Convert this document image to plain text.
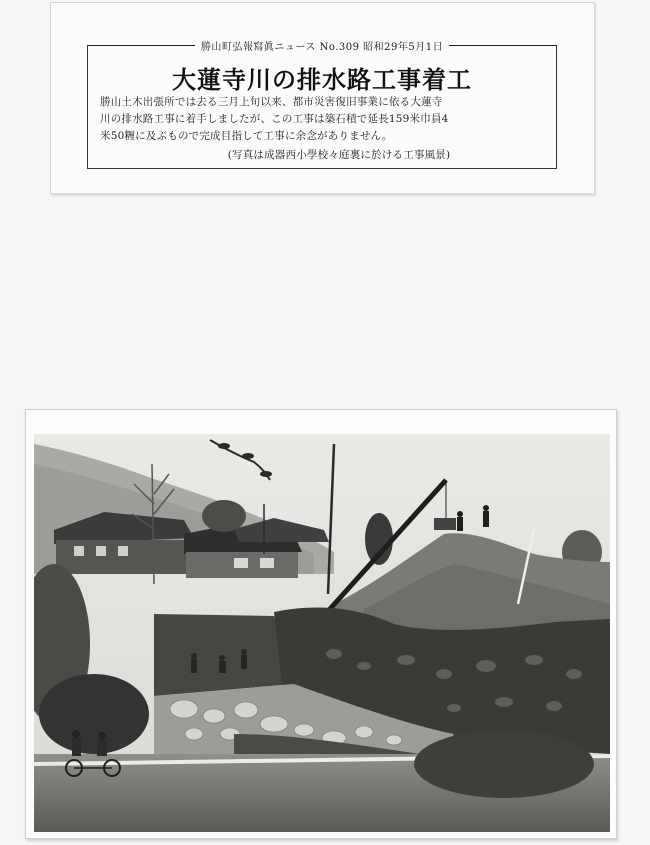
勝山町弘報寫眞ニュース No.309 昭和29年5月1日
大蓮寺川の排水路工事着工

勝山土木出張所では去る三月上旬以来、都市災害復旧事業に依る大蓮寺

川の排水路工事に着手しましたが、この工事は築石積で延長159米巾員4

米50糎に及ぶもので完成目指して工事に余念がありません。

(写真は成器西小學校々庭裏に於ける工事風景)
